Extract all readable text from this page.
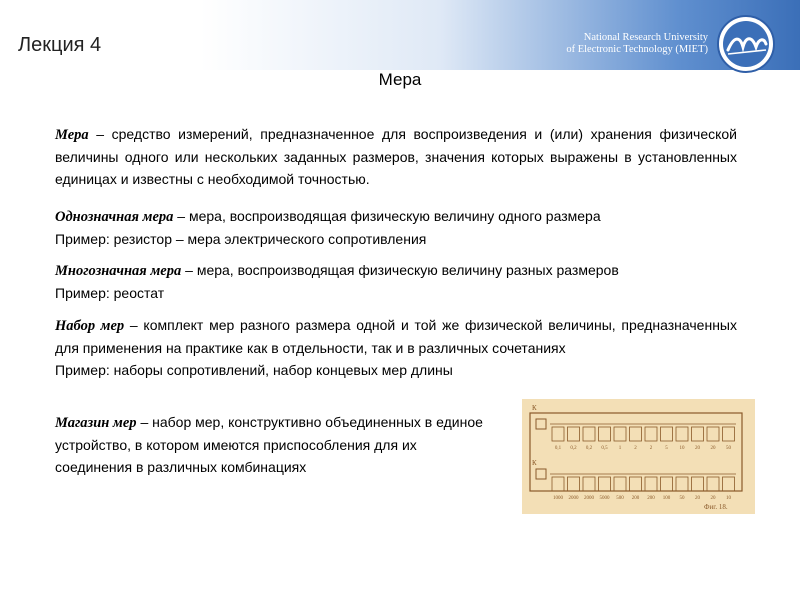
Лекция 4	National Research University
of Electronic Technology (MIET)
Мера
Мера – средство измерений, предназначенное для воспроизведения и (или) хранения физической величины одного или нескольких заданных размеров, значения которых выражены в установленных единицах и известны с необходимой точностью.
Однозначная мера – мера, воспроизводящая физическую величину одного размера
Пример: резистор – мера электрического сопротивления
Многозначная мера – мера, воспроизводящая физическую величину разных размеров
Пример: реостат
Набор мер – комплект мер разного размера одной и той же физической величины, предназначенных для применения на практике как в отдельности, так и в различных сочетаниях
Пример: наборы сопротивлений, набор концевых мер длины
Магазин мер – набор мер, конструктивно объединенных в единое устройство, в котором имеются приспособления для их соединения в различных комбинациях
К
К
0,1 0,2 0,2 0,5 1	2	2	5 10 20 20 50
1000 2000 2000 5000 500 200 200 100 50 20 20 10
Фиг. 18.
